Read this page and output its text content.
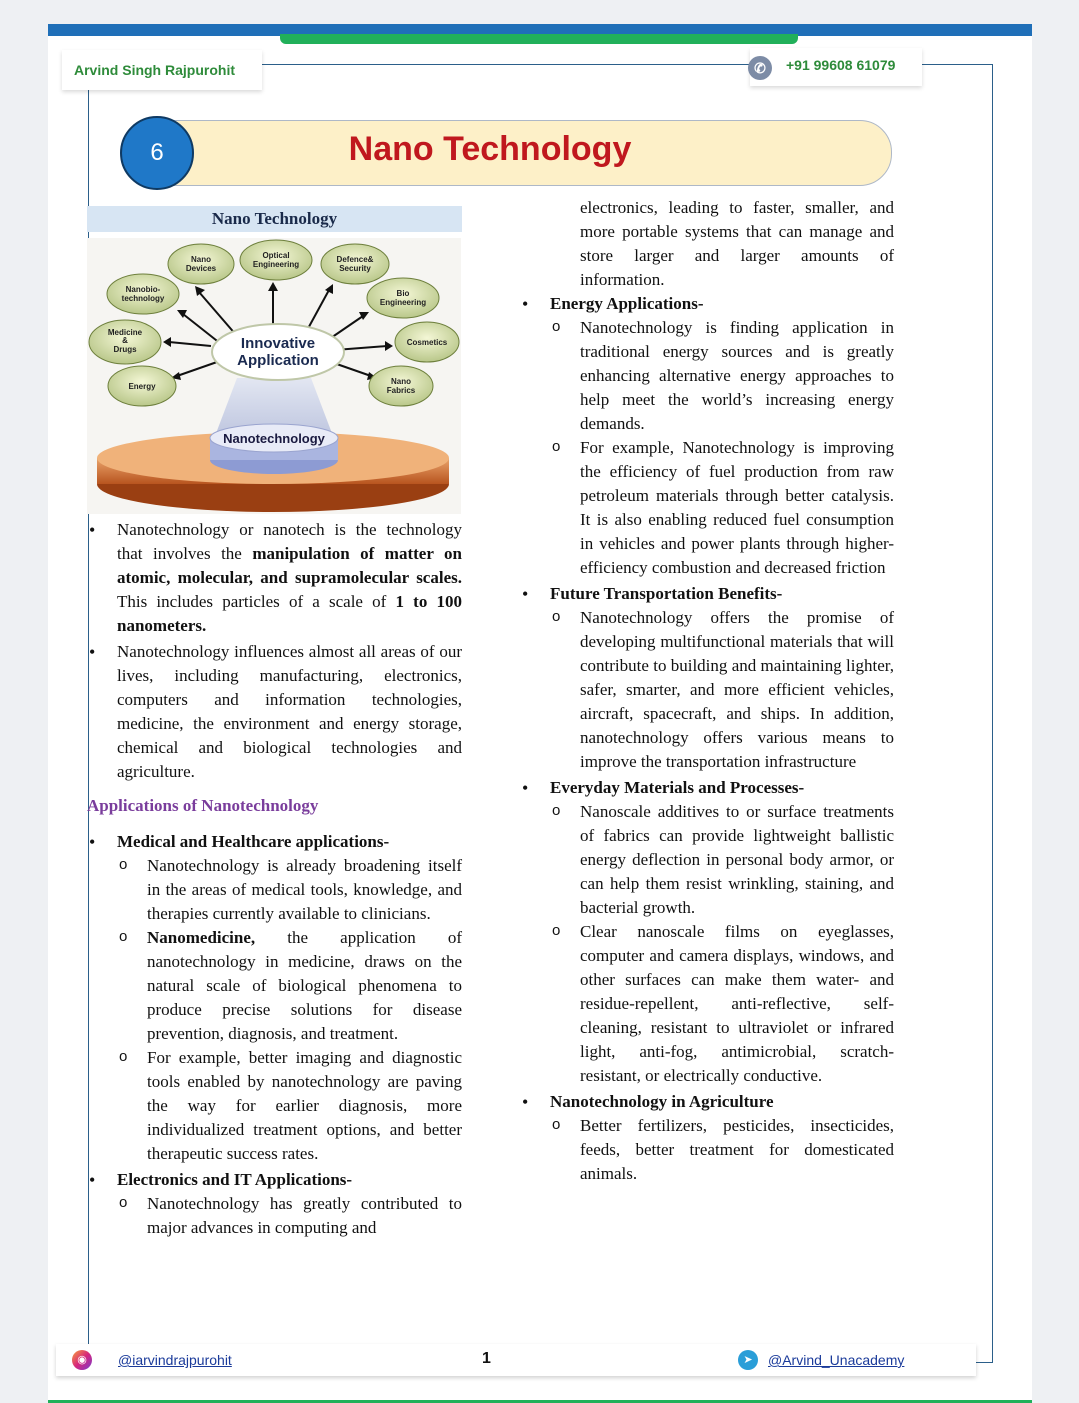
Arvind Singh Rajpurohit	✆	+91 99608 61079
6	Nano Technology
Nano Technology
Nanotechnology
Innovative
Application
Nano
Devices
Optical
Engineering
Defence&
Security
Nanobio-
technology
Bio
Engineering
Medicine
&
Drugs
Cosmetics
Energy
Nano
Fabrics
• Nanotechnology or nanotech is the technology that involves the manipulation of matter on atomic, molecular, and supramolecular scales. This includes particles of a scale of 1 to 100 nanometers.
• Nanotechnology influences almost all areas of our lives, including manufacturing, electronics, computers and information technologies, medicine, the environment and energy storage, chemical and biological technologies and agriculture.
Applications of Nanotechnology
• Medical and Healthcare applications-
o Nanotechnology is already broadening itself in the areas of medical tools, knowledge, and therapies currently available to clinicians.
o Nanomedicine, the application of nanotechnology in medicine, draws on the natural scale of biological phenomena to produce precise solutions for disease prevention, diagnosis, and treatment.
o For example, better imaging and diagnostic tools enabled by nanotechnology are paving the way for earlier diagnosis, more individualized treatment options, and better therapeutic success rates.
• Electronics and IT Applications-
o Nanotechnology has greatly contributed to major advances in computing and
electronics, leading to faster, smaller, and more portable systems that can manage and store larger and larger amounts of information.
• Energy Applications-
o Nanotechnology is finding application in traditional energy sources and is greatly enhancing alternative energy approaches to help meet the world’s increasing energy demands.
o For example, Nanotechnology is improving the efficiency of fuel production from raw petroleum materials through better catalysis. It is also enabling reduced fuel consumption in vehicles and power plants through higher-efficiency combustion and decreased friction
• Future Transportation Benefits-
o Nanotechnology offers the promise of developing multifunctional materials that will contribute to building and maintaining lighter, safer, smarter, and more efficient vehicles, aircraft, spacecraft, and ships. In addition, nanotechnology offers various means to improve the transportation infrastructure
• Everyday Materials and Processes-
o Nanoscale additives to or surface treatments of fabrics can provide lightweight ballistic energy deflection in personal body armor, or can help them resist wrinkling, staining, and bacterial growth.
o Clear nanoscale films on eyeglasses, computer and camera displays, windows, and other surfaces can make them water- and residue-repellent, anti-reflective, self-cleaning, resistant to ultraviolet or infrared light, anti-fog, antimicrobial, scratch-resistant, or electrically conductive.
• Nanotechnology in Agriculture
o Better fertilizers, pesticides, insecticides, feeds, better treatment for domesticated animals.
◉	@iarvindrajpurohit	1	➤	@Arvind_Unacademy
